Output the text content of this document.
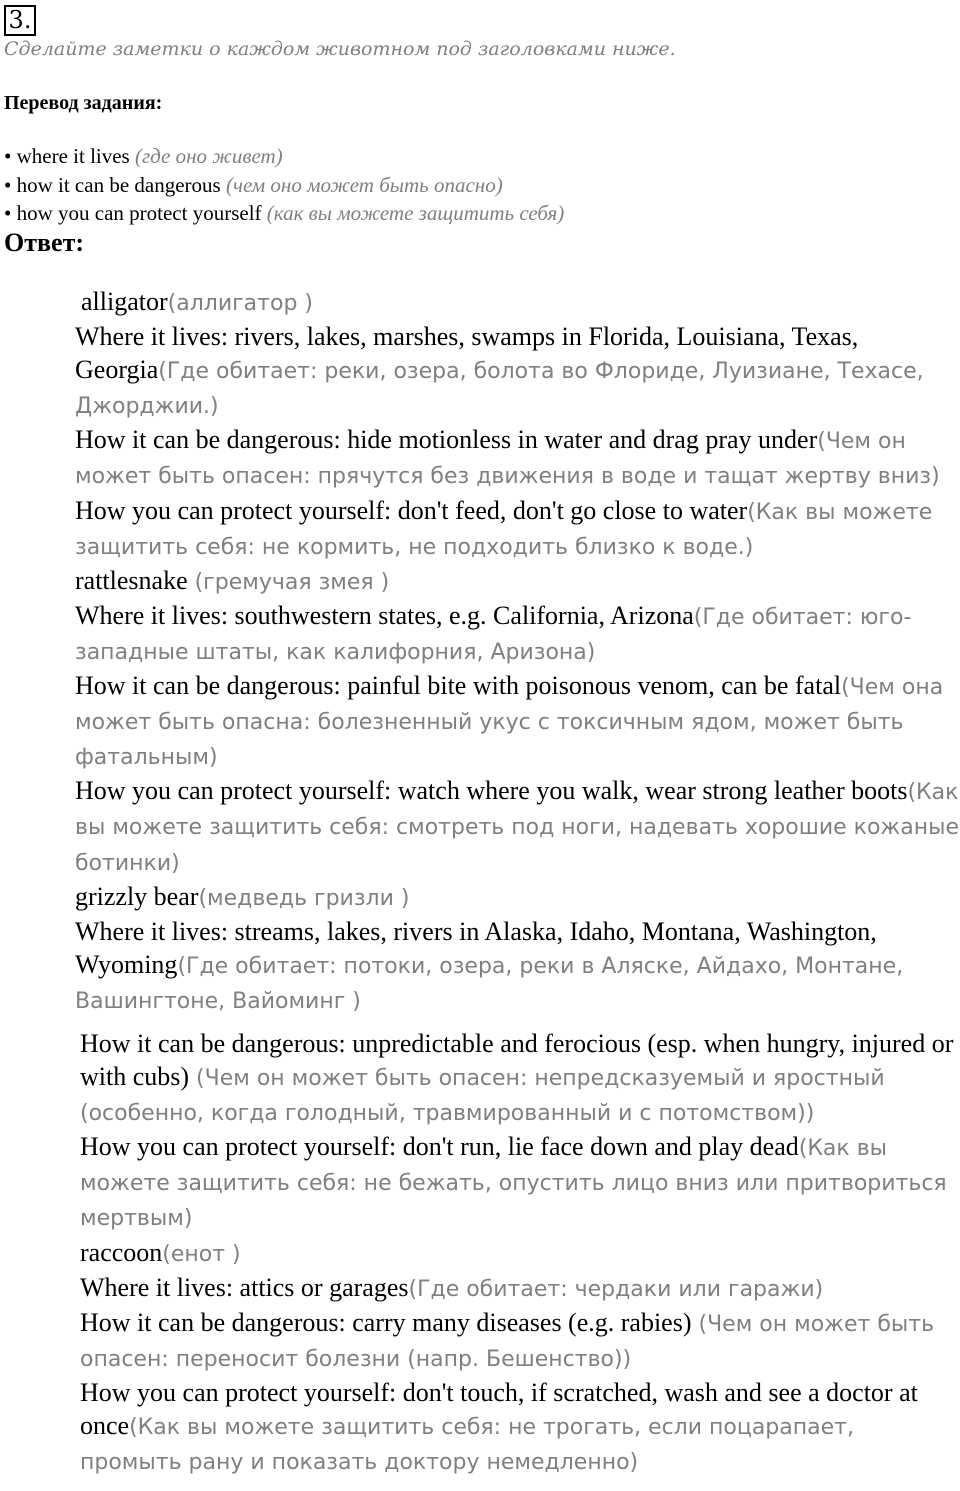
3.
Сделайте заметки о каждом животном под заголовками ниже.
Перевод задания:
• where it lives (где оно живет)
• how it can be dangerous (чем оно может быть опасно)
• how you can protect yourself (как вы можете защитить себя)
Ответ:

alligator(аллигатор )

Where it lives: rivers, lakes, marshes, swamps in Florida, Louisiana, Texas, Georgia(Где обитает: реки, озера, болота во Флориде, Луизиане, Техасе, Джорджии.)

How it can be dangerous: hide motionless in water and drag pray under(Чем он может быть опасен: прячутся без движения в воде и тащат жертву вниз)

How you can protect yourself: don't feed, don't go close to water(Как вы можете защитить себя: не кормить, не подходить близко к воде.)

rattlesnake (гремучая змея )

Where it lives: southwestern states, e.g. California, Arizona(Где обитает: юго-западные штаты, как калифорния, Аризона)

How it can be dangerous: painful bite with poisonous venom, can be fatal(Чем она может быть опасна: болезненный укус с токсичным ядом, может быть фатальным)

How you can protect yourself: watch where you walk, wear strong leather boots(Как вы можете защитить себя: смотреть под ноги, надевать хорошие кожаные ботинки)

grizzly bear(медведь гризли )

Where it lives: streams, lakes, rivers in Alaska, Idaho, Montana, Washington, Wyoming(Где обитает: потоки, озера, реки в Аляске, Айдахо, Монтане, Вашингтоне, Вайоминг )

How it can be dangerous: unpredictable and ferocious (esp. when hungry, injured or with cubs) (Чем он может быть опасен: непредсказуемый и яростный (особенно, когда голодный, травмированный и с потомством))

How you can protect yourself: don't run, lie face down and play dead(Как вы можете защитить себя: не бежать, опустить лицо вниз или притвориться мертвым)

raccoon(енот )

Where it lives: attics or garages(Где обитает: чердаки или гаражи)

How it can be dangerous: carry many diseases (e.g. rabies) (Чем он может быть опасен: переносит болезни (напр. Бешенство))

How you can protect yourself: don't touch, if scratched, wash and see a doctor at once(Как вы можете защитить себя: не трогать, если поцарапает, промыть рану и показать доктору немедленно)
